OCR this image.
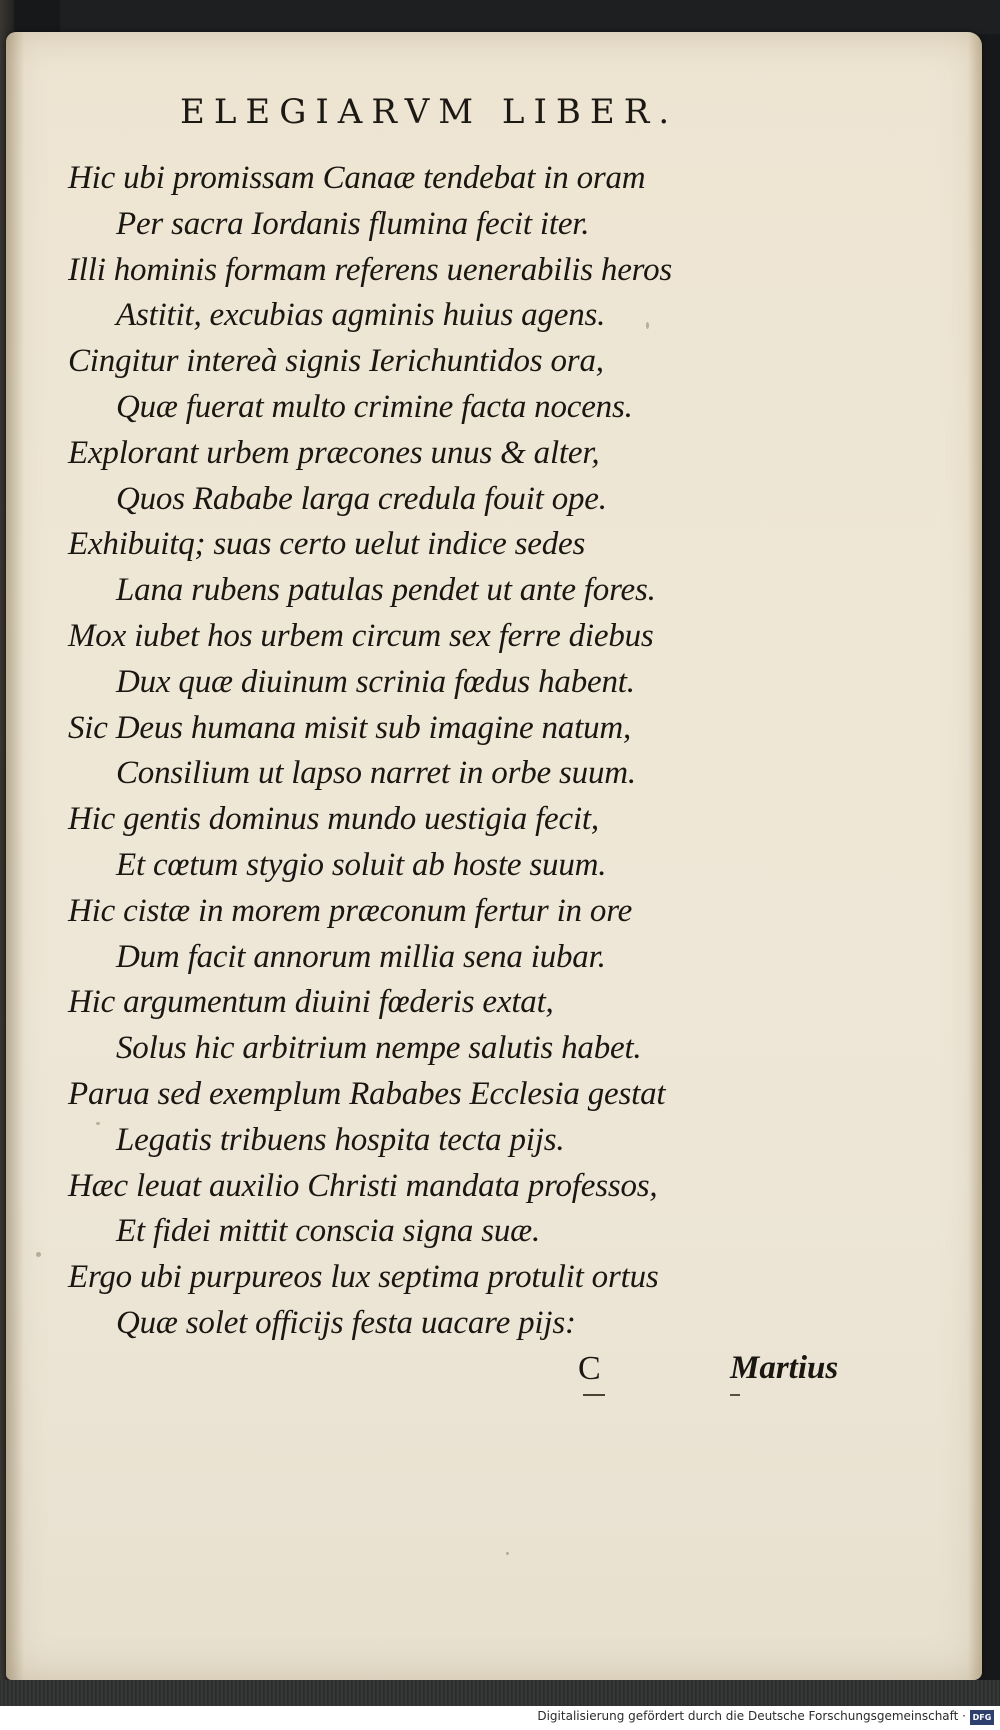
ELEGIARVM LIBER.
Hic ubi promissam Canaæ tendebat in oram
Per sacra Iordanis flumina fecit iter.
Illi hominis formam referens uenerabilis heros
Astitit, excubias agminis huius agens.
Cingitur intereà signis Ierichuntidos ora,
Quæ fuerat multo crimine facta nocens.
Explorant urbem præcones unus & alter,
Quos Rababe larga credula fouit ope.
Exhibuitq; suas certo uelut indice sedes
Lana rubens patulas pendet ut ante fores.
Mox iubet hos urbem circum sex ferre diebus
Dux quæ diuinum scrinia fœdus habent.
Sic Deus humana misit sub imagine natum,
Consilium ut lapso narret in orbe suum.
Hic gentis dominus mundo uestigia fecit,
Et cœtum stygio soluit ab hoste suum.
Hic cistæ in morem præconum fertur in ore
Dum facit annorum millia sena iubar.
Hic argumentum diuini fœderis extat,
Solus hic arbitrium nempe salutis habet.
Parua sed exemplum Rababes Ecclesia gestat
Legatis tribuens hospita tecta pijs.
Hæc leuat auxilio Christi mandata professos,
Et fidei mittit conscia signa suæ.
Ergo ubi purpureos lux septima protulit ortus
Quæ solet officijs festa uacare pijs:
C	Martius
Digitalisierung gefördert durch die Deutsche Forschungsgemeinschaft · DFG
